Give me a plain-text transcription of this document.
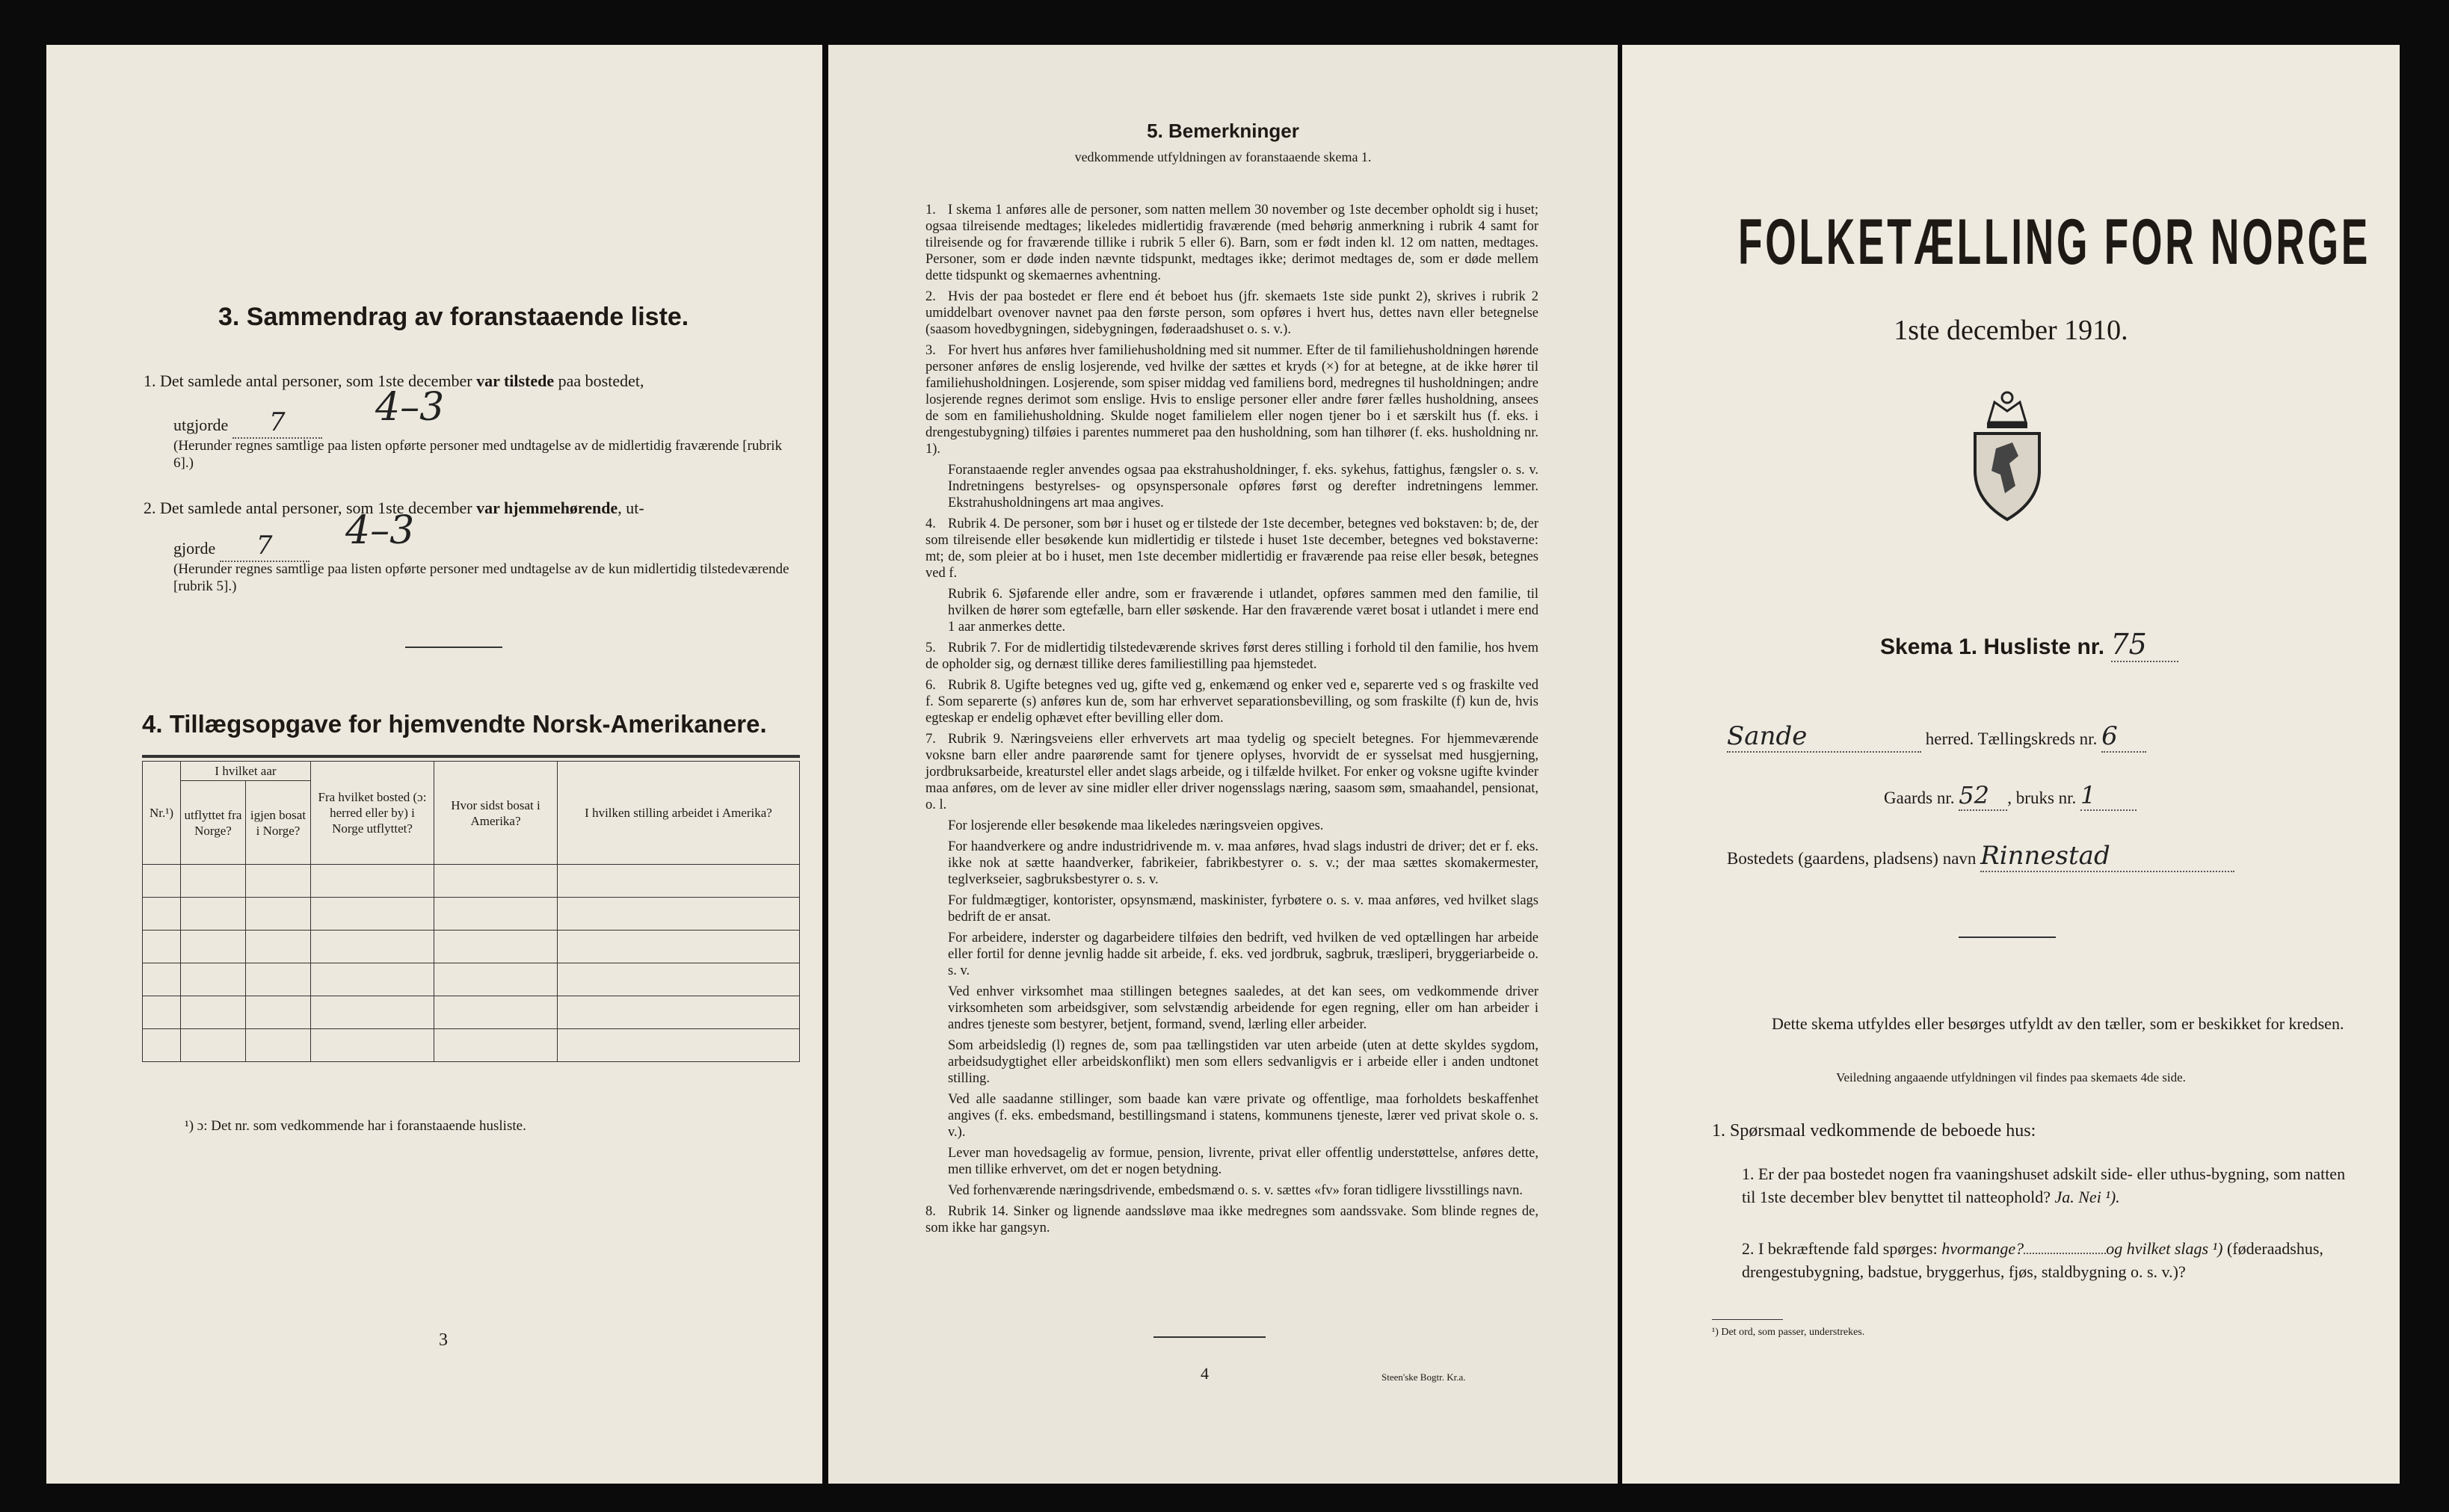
3. Sammendrag av foranstaaende liste.
1. Det samlede antal personer, som 1ste december var tilstede paa bostedet,
utgjorde 7	4–3
(Herunder regnes samtlige paa listen opførte personer med undtagelse av de midlertidig fraværende [rubrik 6].)
2. Det samlede antal personer, som 1ste december var hjemmehørende, ut-
gjorde 7	4–3
(Herunder regnes samtlige paa listen opførte personer med undtagelse av de kun midlertidig tilstedeværende [rubrik 5].)
4. Tillægsopgave for hjemvendte Norsk-Amerikanere.
Nr.¹)	I hvilket aar		Fra hvilket bosted (ɔ: herred eller by) i Norge utflyttet?	Hvor sidst bosat i Amerika?	I hvilken stilling arbeidet i Amerika?
	utflyttet fra Norge?	igjen bosat i Norge?			

¹) ɔ: Det nr. som vedkommende har i foranstaaende husliste.
3
5. Bemerkninger
vedkommende utfyldningen av foranstaaende skema 1.

1. I skema 1 anføres alle de personer, som natten mellem 30 november og 1ste december opholdt sig i huset; ogsaa tilreisende medtages; likeledes midlertidig fraværende (med behørig anmerkning i rubrik 4 samt for tilreisende og for fraværende tillike i rubrik 5 eller 6). Barn, som er født inden kl. 12 om natten, medtages. Personer, som er døde inden nævnte tidspunkt, medtages ikke; derimot medtages de, som er døde mellem dette tidspunkt og skemaernes avhentning.

2. Hvis der paa bostedet er flere end ét beboet hus (jfr. skemaets 1ste side punkt 2), skrives i rubrik 2 umiddelbart ovenover navnet paa den første person, som opføres i hvert hus, dettes navn eller betegnelse (saasom hovedbygningen, sidebygningen, føderaadshuset o. s. v.).

3. For hvert hus anføres hver familiehusholdning med sit nummer. Efter de til familiehusholdningen hørende personer anføres de enslig losjerende, ved hvilke der sættes et kryds (×) for at betegne, at de ikke hører til familiehusholdningen. Losjerende, som spiser middag ved familiens bord, medregnes til husholdningen; andre losjerende regnes derimot som enslige. Hvis to enslige personer eller andre fører fælles husholdning, ansees de som en familiehusholdning. Skulde noget familielem eller nogen tjener bo i et særskilt hus (f. eks. i drengestubygning) tilføies i parentes nummeret paa den husholdning, som han tilhører (f. eks. husholdning nr. 1).

Foranstaaende regler anvendes ogsaa paa ekstrahusholdninger, f. eks. sykehus, fattighus, fængsler o. s. v. Indretningens bestyrelses- og opsynspersonale opføres først og derefter indretningens lemmer. Ekstrahusholdningens art maa angives.

4. Rubrik 4. De personer, som bør i huset og er tilstede der 1ste december, betegnes ved bokstaven: b; de, der som tilreisende eller besøkende kun midlertidig er tilstede i huset 1ste december, betegnes ved bokstaverne: mt; de, som pleier at bo i huset, men 1ste december midlertidig er fraværende paa reise eller besøk, betegnes ved f.

Rubrik 6. Sjøfarende eller andre, som er fraværende i utlandet, opføres sammen med den familie, til hvilken de hører som egtefælle, barn eller søskende. Har den fraværende været bosat i utlandet i mere end 1 aar anmerkes dette.

5. Rubrik 7. For de midlertidig tilstedeværende skrives først deres stilling i forhold til den familie, hos hvem de opholder sig, og dernæst tillike deres familiestilling paa hjemstedet.

6. Rubrik 8. Ugifte betegnes ved ug, gifte ved g, enkemænd og enker ved e, separerte ved s og fraskilte ved f. Som separerte (s) anføres kun de, som har erhvervet separationsbevilling, og som fraskilte (f) kun de, hvis egteskap er endelig ophævet efter bevilling eller dom.

7. Rubrik 9. Næringsveiens eller erhvervets art maa tydelig og specielt betegnes. For hjemmeværende voksne barn eller andre paarørende samt for tjenere oplyses, hvorvidt de er sysselsat med husgjerning, jordbruksarbeide, kreaturstel eller andet slags arbeide, og i tilfælde hvilket. For enker og voksne ugifte kvinder maa anføres, om de lever av sine midler eller driver nogensslags næring, saasom søm, smaahandel, pensionat, o. l.

For losjerende eller besøkende maa likeledes næringsveien opgives.

For haandverkere og andre industridrivende m. v. maa anføres, hvad slags industri de driver; det er f. eks. ikke nok at sætte haandverker, fabrikeier, fabrikbestyrer o. s. v.; der maa sættes skomakermester, teglverkseier, sagbruksbestyrer o. s. v.

For fuldmægtiger, kontorister, opsynsmænd, maskinister, fyrbøtere o. s. v. maa anføres, ved hvilket slags bedrift de er ansat.

For arbeidere, inderster og dagarbeidere tilføies den bedrift, ved hvilken de ved optællingen har arbeide eller fortil for denne jevnlig hadde sit arbeide, f. eks. ved jordbruk, sagbruk, træsliperi, bryggeriarbeide o. s. v.

Ved enhver virksomhet maa stillingen betegnes saaledes, at det kan sees, om vedkommende driver virksomheten som arbeidsgiver, som selvstændig arbeidende for egen regning, eller om han arbeider i andres tjeneste som bestyrer, betjent, formand, svend, lærling eller arbeider.

Som arbeidsledig (l) regnes de, som paa tællingstiden var uten arbeide (uten at dette skyldes sygdom, arbeidsudygtighet eller arbeidskonflikt) men som ellers sedvanligvis er i arbeide eller i anden undtonet stilling.

Ved alle saadanne stillinger, som baade kan være private og offentlige, maa forholdets beskaffenhet angives (f. eks. embedsmand, bestillingsmand i statens, kommunens tjeneste, lærer ved privat skole o. s. v.).

Lever man hovedsagelig av formue, pension, livrente, privat eller offentlig understøttelse, anføres dette, men tillike erhvervet, om det er nogen betydning.

Ved forhenværende næringsdrivende, embedsmænd o. s. v. sættes «fv» foran tidligere livsstillings navn.

8. Rubrik 14. Sinker og lignende aandssløve maa ikke medregnes som aandssvake. Som blinde regnes de, som ikke har gangsyn.

4	Steen'ske Bogtr. Kr.a.
FOLKETÆLLING FOR NORGE
1ste december 1910.
Skema 1. Husliste nr. 75
Sande	herred. Tællingskreds nr. 6
Gaards nr. 52 , bruks nr. 1
Bostedets (gaardens, pladsens) navn Rinnestad
Dette skema utfyldes eller besørges utfyldt av den tæller, som er beskikket for kredsen.
Veiledning angaaende utfyldningen vil findes paa skemaets 4de side.
1. Spørsmaal vedkommende de beboede hus:
1. Er der paa bostedet nogen fra vaaningshuset adskilt side- eller uthus-bygning, som natten til 1ste december blev benyttet til natteophold? Ja. Nei ¹).
2. I bekræftende fald spørges: hvormange?	og hvilket slags ¹) (føderaadshus, drengestubygning, badstue, bryggerhus, fjøs, staldbygning o. s. v.)?
¹) Det ord, som passer, understrekes.
